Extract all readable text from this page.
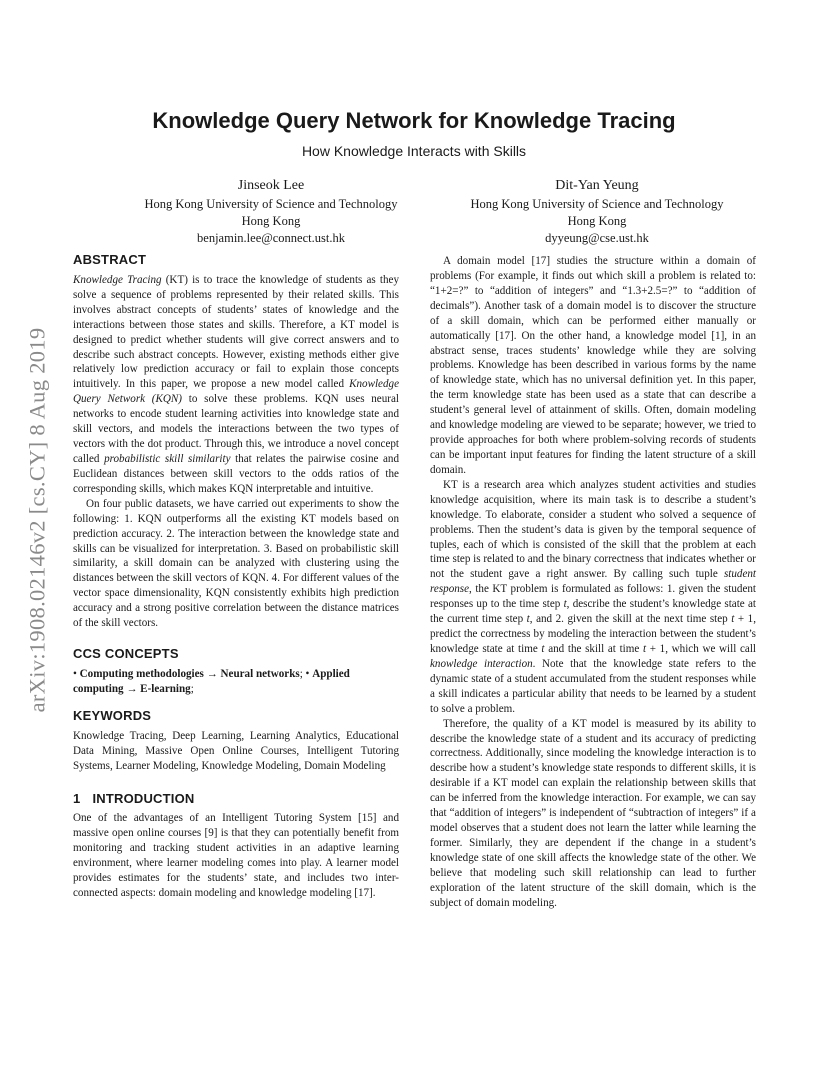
arXiv:1908.02146v2 [cs.CY] 8 Aug 2019
Knowledge Query Network for Knowledge Tracing
How Knowledge Interacts with Skills
Jinseok Lee
Hong Kong University of Science and Technology
Hong Kong
benjamin.lee@connect.ust.hk
Dit-Yan Yeung
Hong Kong University of Science and Technology
Hong Kong
dyyeung@cse.ust.hk
ABSTRACT

Knowledge Tracing (KT) is to trace the knowledge of students as they solve a sequence of problems represented by their related skills. This involves abstract concepts of students’ states of knowledge and the interactions between those states and skills. Therefore, a KT model is designed to predict whether students will give correct answers and to describe such abstract concepts. However, existing methods either give relatively low prediction accuracy or fail to explain those concepts intuitively. In this paper, we propose a new model called Knowledge Query Network (KQN) to solve these problems. KQN uses neural networks to encode student learning activities into knowledge state and skill vectors, and models the interactions between the two types of vectors with the dot product. Through this, we introduce a novel concept called probabilistic skill similarity that relates the pairwise cosine and Euclidean distances between skill vectors to the odds ratios of the corresponding skills, which makes KQN interpretable and intuitive.

On four public datasets, we have carried out experiments to show the following: 1. KQN outperforms all the existing KT models based on prediction accuracy. 2. The interaction between the knowledge state and skills can be visualized for interpretation. 3. Based on probabilistic skill similarity, a skill domain can be analyzed with clustering using the distances between the skill vectors of KQN. 4. For different values of the vector space dimensionality, KQN consistently exhibits high prediction accuracy and a strong positive correlation between the distance matrices of the skill vectors.

CCS CONCEPTS

• Computing methodologies → Neural networks; • Applied computing → E-learning;

KEYWORDS

Knowledge Tracing, Deep Learning, Learning Analytics, Educational Data Mining, Massive Open Online Courses, Intelligent Tutoring Systems, Learner Modeling, Knowledge Modeling, Domain Modeling

1 INTRODUCTION

One of the advantages of an Intelligent Tutoring System [15] and massive open online courses [9] is that they can potentially benefit from monitoring and tracking student activities in an adaptive learning environment, where learner modeling comes into play. A learner model provides estimates for the students’ state, and includes two inter-connected aspects: domain modeling and knowledge modeling [17].

A domain model [17] studies the structure within a domain of problems (For example, it finds out which skill a problem is related to: “1+2=?” to “addition of integers” and “1.3+2.5=?” to “addition of decimals”). Another task of a domain model is to discover the structure of a skill domain, which can be performed either manually or automatically [17]. On the other hand, a knowledge model [1], in an abstract sense, traces students’ knowledge while they are solving problems. Knowledge has been described in various forms by the name of knowledge state, which has no universal definition yet. In this paper, the term knowledge state has been used as a state that can describe a student’s general level of attainment of skills. Often, domain modeling and knowledge modeling are viewed to be separate; however, we tried to provide approaches for both where problem-solving records of students can be important input features for finding the latent structure of a skill domain.

KT is a research area which analyzes student activities and studies knowledge acquisition, where its main task is to describe a student’s knowledge. To elaborate, consider a student who solved a sequence of problems. Then the student’s data is given by the temporal sequence of tuples, each of which is consisted of the skill that the problem at each time step is related to and the binary correctness that indicates whether or not the student gave a right answer. By calling such tuple student response, the KT problem is formulated as follows: 1. given the student responses up to the time step t, describe the student’s knowledge state at the current time step t, and 2. given the skill at the next time step t + 1, predict the correctness by modeling the interaction between the student’s knowledge state at time t and the skill at time t + 1, which we will call knowledge interaction. Note that the knowledge state refers to the dynamic state of a student accumulated from the student responses while a skill indicates a particular ability that needs to be learned by a student to solve a problem.

Therefore, the quality of a KT model is measured by its ability to describe the knowledge state of a student and its accuracy of predicting correctness. Additionally, since modeling the knowledge interaction is to describe how a student’s knowledge state responds to different skills, it is desirable if a KT model can explain the relationship between skills that can be inferred from the knowledge interaction. For example, we can say that “addition of integers” is independent of “subtraction of integers” if a model observes that a student does not learn the latter while learning the former. Similarly, they are dependent if the change in a student’s knowledge state of one skill affects the knowledge state of the other. We believe that modeling such skill relationship can lead to further exploration of the latent structure of the skill domain, which is the subject of domain modeling.
